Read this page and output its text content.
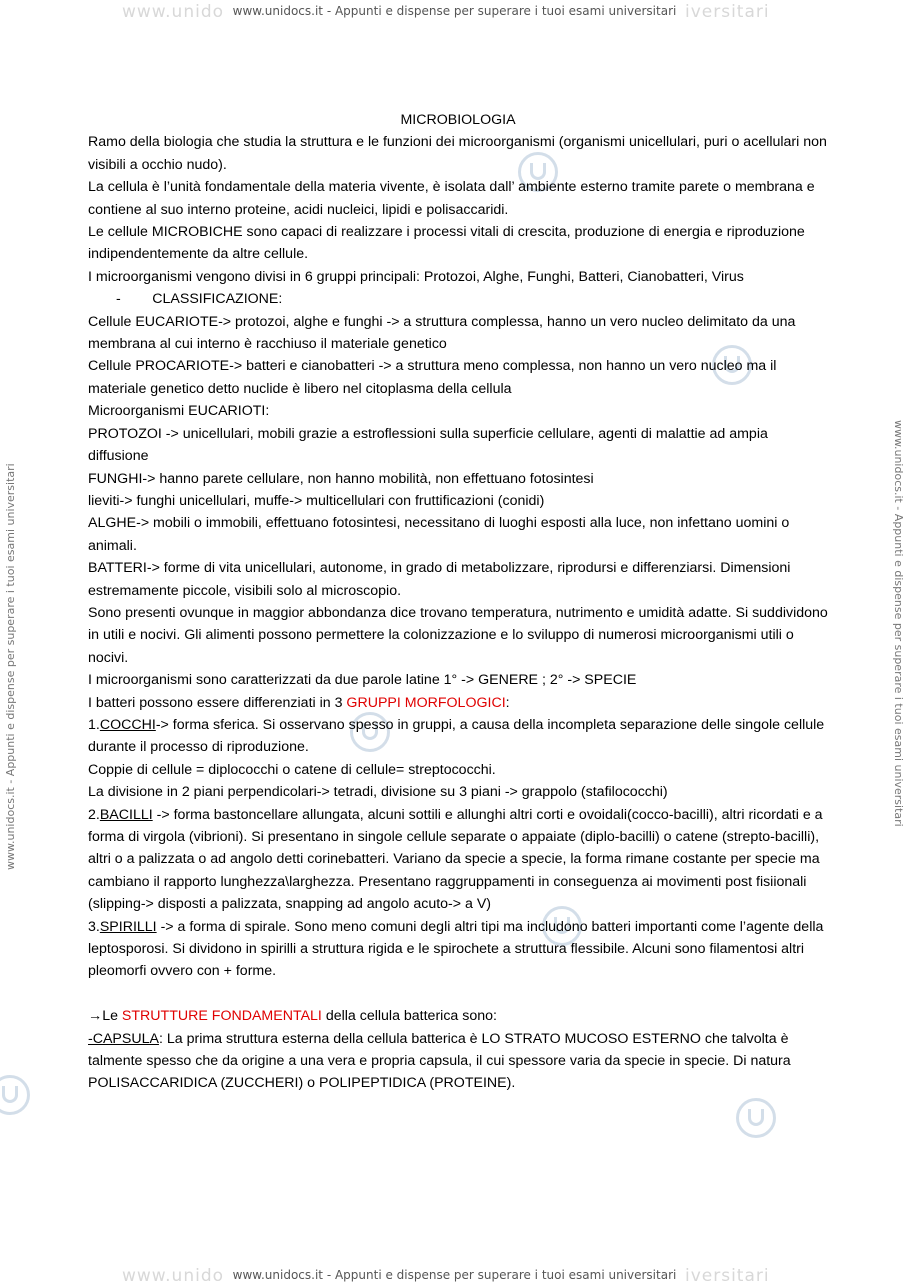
www.unido www.unidocs.it - Appunti e dispense per superare i tuoi esami universitari iversitari
www.unidocs.it - Appunti e dispense per superare i tuoi esami universitari	www.unidocs.it - Appunti e dispense per superare i tuoi esami universitari

MICROBIOLOGIA

Ramo della biologia che studia la struttura e le funzioni dei microorganismi (organismi unicellulari, puri o acellulari non visibili a occhio nudo).

La cellula è l’unità fondamentale della materia vivente, è isolata dall’ ambiente esterno tramite parete o membrana e contiene al suo interno proteine, acidi nucleici, lipidi e polisaccaridi.

Le cellule MICROBICHE sono capaci di realizzare i processi vitali di crescita, produzione di energia e riproduzione indipendentemente da altre cellule.

I microorganismi vengono divisi in 6 gruppi principali: Protozoi, Alghe, Funghi, Batteri, Cianobatteri, Virus

-        CLASSIFICAZIONE:

Cellule EUCARIOTE-> protozoi, alghe e funghi -> a struttura complessa, hanno un vero nucleo delimitato da una membrana al cui interno è racchiuso il materiale genetico

Cellule PROCARIOTE-> batteri e cianobatteri -> a struttura meno complessa, non hanno un vero nucleo ma il materiale genetico detto nuclide è libero nel citoplasma della cellula

Microorganismi EUCARIOTI:

PROTOZOI -> unicellulari, mobili grazie a estroflessioni sulla superficie cellulare, agenti di malattie ad ampia diffusione

FUNGHI-> hanno parete cellulare, non hanno mobilità, non effettuano fotosintesi

lieviti-> funghi unicellulari, muffe-> multicellulari con fruttificazioni (conidi)

ALGHE-> mobili o immobili, effettuano fotosintesi, necessitano di luoghi esposti alla luce, non infettano uomini o animali.

BATTERI-> forme di vita unicellulari, autonome, in grado di metabolizzare, riprodursi e differenziarsi. Dimensioni estremamente piccole, visibili solo al microscopio.

Sono presenti ovunque in maggior abbondanza dice trovano temperatura, nutrimento e umidità adatte. Si suddividono in utili e nocivi. Gli alimenti possono permettere la colonizzazione e lo sviluppo di numerosi microorganismi utili o nocivi.

I microorganismi sono caratterizzati da due parole latine 1° -> GENERE ; 2° -> SPECIE

I batteri possono essere differenziati in 3 GRUPPI MORFOLOGICI:

1.COCCHI-> forma sferica. Si osservano spesso in gruppi, a causa della incompleta separazione delle singole cellule durante il processo di riproduzione.

Coppie di cellule = diplococchi o catene di cellule= streptococchi.

La divisione in 2 piani perpendicolari-> tetradi, divisione su 3 piani -> grappolo (stafilococchi)

2.BACILLI -> forma bastoncellare allungata, alcuni sottili e allunghi altri corti e ovoidali(cocco-bacilli), altri ricordati e a forma di virgola (vibrioni). Si presentano in singole cellule separate o appaiate (diplo-bacilli) o catene (strepto-bacilli), altri o a palizzata o ad angolo detti corinebatteri. Variano da specie a specie, la forma rimane costante per specie ma cambiano il rapporto lunghezza\larghezza. Presentano raggruppamenti in conseguenza ai movimenti post fisiionali (slipping-> disposti a palizzata, snapping ad angolo acuto-> a V)

3.SPIRILLI -> a forma di spirale. Sono meno comuni degli altri tipi ma includono batteri importanti come l’agente della leptosporosi. Si dividono in spirilli a struttura rigida e le spirochete a struttura flessibile. Alcuni sono filamentosi altri pleomorfi ovvero con + forme.

→Le STRUTTURE FONDAMENTALI della cellula batterica sono:

-CAPSULA: La prima struttura esterna della cellula batterica è LO STRATO MUCOSO ESTERNO che talvolta è talmente spesso che da origine a una vera e propria capsula, il cui spessore varia da specie in specie. Di natura POLISACCARIDICA (ZUCCHERI) o POLIPEPTIDICA (PROTEINE).

www.unido www.unidocs.it - Appunti e dispense per superare i tuoi esami universitari iversitari
